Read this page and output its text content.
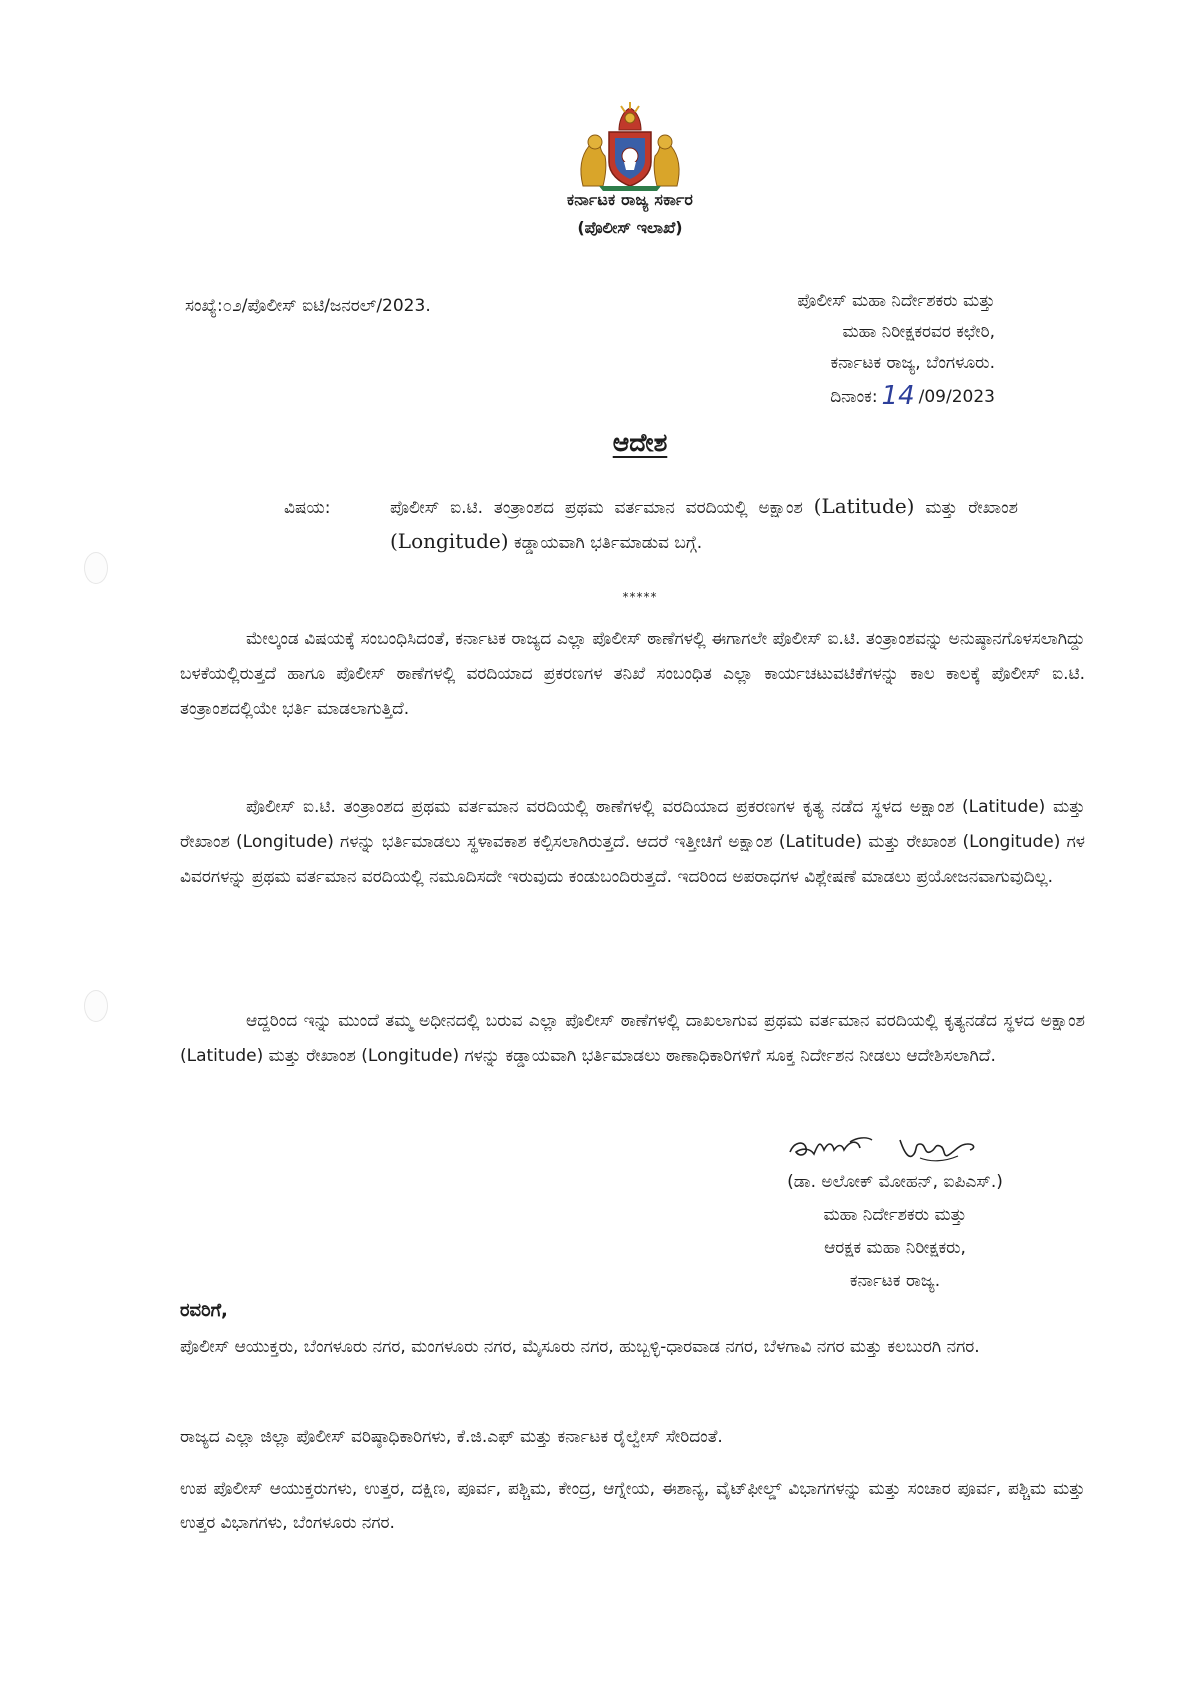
ಕರ್ನಾಟಕ ರಾಜ್ಯ ಸರ್ಕಾರ
(ಪೊಲೀಸ್ ಇಲಾಖೆ)
ಸಂಖ್ಯೆ:೦೨/ಪೊಲೀಸ್ ಐಟಿ/ಜನರಲ್/2023.	ಪೊಲೀಸ್ ಮಹಾ ನಿರ್ದೇಶಕರು ಮತ್ತು
ಮಹಾ ನಿರೀಕ್ಷಕರವರ ಕಛೇರಿ,
ಕರ್ನಾಟಕ ರಾಜ್ಯ, ಬೆಂಗಳೂರು.
ದಿನಾಂಕ: 14 /09/2023
ಆದೇಶ
ವಿಷಯ:	ಪೊಲೀಸ್ ಐ.ಟಿ. ತಂತ್ರಾಂಶದ ಪ್ರಥಮ ವರ್ತಮಾನ ವರದಿಯಲ್ಲಿ ಅಕ್ಷಾಂಶ (Latitude) ಮತ್ತು ರೇಖಾಂಶ (Longitude) ಕಡ್ಡಾಯವಾಗಿ ಭರ್ತಿಮಾಡುವ ಬಗ್ಗೆ.
*****

ಮೇಲ್ಕಂಡ ವಿಷಯಕ್ಕೆ ಸಂಬಂಧಿಸಿದಂತೆ, ಕರ್ನಾಟಕ ರಾಜ್ಯದ ಎಲ್ಲಾ ಪೊಲೀಸ್ ಠಾಣೆಗಳಲ್ಲಿ ಈಗಾಗಲೇ ಪೊಲೀಸ್ ಐ.ಟಿ. ತಂತ್ರಾಂಶವನ್ನು ಅನುಷ್ಠಾನಗೊಳಸಲಾಗಿದ್ದು ಬಳಕೆಯಲ್ಲಿರುತ್ತದೆ ಹಾಗೂ ಪೊಲೀಸ್ ಠಾಣೆಗಳಲ್ಲಿ ವರದಿಯಾದ ಪ್ರಕರಣಗಳ ತನಿಖೆ ಸಂಬಂಧಿತ ಎಲ್ಲಾ ಕಾರ್ಯಚಟುವಟಿಕೆಗಳನ್ನು ಕಾಲ ಕಾಲಕ್ಕೆ ಪೊಲೀಸ್ ಐ.ಟಿ. ತಂತ್ರಾಂಶದಲ್ಲಿಯೇ ಭರ್ತಿ ಮಾಡಲಾಗುತ್ತಿದೆ.

ಪೊಲೀಸ್ ಐ.ಟಿ. ತಂತ್ರಾಂಶದ ಪ್ರಥಮ ವರ್ತಮಾನ ವರದಿಯಲ್ಲಿ ಠಾಣೆಗಳಲ್ಲಿ ವರದಿಯಾದ ಪ್ರಕರಣಗಳ ಕೃತ್ಯ ನಡೆದ ಸ್ಥಳದ ಅಕ್ಷಾಂಶ (Latitude) ಮತ್ತು ರೇಖಾಂಶ (Longitude) ಗಳನ್ನು ಭರ್ತಿಮಾಡಲು ಸ್ಥಳಾವಕಾಶ ಕಲ್ಪಿಸಲಾಗಿರುತ್ತದೆ. ಆದರೆ ಇತ್ತೀಚಿಗೆ ಅಕ್ಷಾಂಶ (Latitude) ಮತ್ತು ರೇಖಾಂಶ (Longitude) ಗಳ ವಿವರಗಳನ್ನು ಪ್ರಥಮ ವರ್ತಮಾನ ವರದಿಯಲ್ಲಿ ನಮೂದಿಸದೇ ಇರುವುದು ಕಂಡುಬಂದಿರುತ್ತದೆ. ಇದರಿಂದ ಅಪರಾಧಗಳ ವಿಶ್ಲೇಷಣೆ ಮಾಡಲು ಪ್ರಯೋಜನವಾಗುವುದಿಲ್ಲ.

ಆದ್ದರಿಂದ ಇನ್ನು ಮುಂದೆ ತಮ್ಮ ಅಧೀನದಲ್ಲಿ ಬರುವ ಎಲ್ಲಾ ಪೊಲೀಸ್ ಠಾಣೆಗಳಲ್ಲಿ ದಾಖಲಾಗುವ ಪ್ರಥಮ ವರ್ತಮಾನ ವರದಿಯಲ್ಲಿ ಕೃತ್ಯನಡೆದ ಸ್ಥಳದ ಅಕ್ಷಾಂಶ (Latitude) ಮತ್ತು ರೇಖಾಂಶ (Longitude) ಗಳನ್ನು ಕಡ್ಡಾಯವಾಗಿ ಭರ್ತಿಮಾಡಲು ಠಾಣಾಧಿಕಾರಿಗಳಿಗೆ ಸೂಕ್ತ ನಿರ್ದೇಶನ ನೀಡಲು ಆದೇಶಿಸಲಾಗಿದೆ.

(ಡಾ. ಅಲೋಕ್ ಮೋಹನ್, ಐಪಿಎಸ್.)
ಮಹಾ ನಿರ್ದೇಶಕರು ಮತ್ತು
ಆರಕ್ಷಕ ಮಹಾ ನಿರೀಕ್ಷಕರು,
ಕರ್ನಾಟಕ ರಾಜ್ಯ.
ರವರಿಗೆ,
ಪೊಲೀಸ್ ಆಯುಕ್ತರು, ಬೆಂಗಳೂರು ನಗರ, ಮಂಗಳೂರು ನಗರ, ಮೈಸೂರು ನಗರ, ಹುಬ್ಬಳ್ಳಿ-ಧಾರವಾಡ ನಗರ, ಬೆಳಗಾವಿ ನಗರ ಮತ್ತು ಕಲಬುರಗಿ ನಗರ.
ರಾಜ್ಯದ ಎಲ್ಲಾ ಜಿಲ್ಲಾ ಪೊಲೀಸ್ ವರಿಷ್ಠಾಧಿಕಾರಿಗಳು, ಕೆ.ಜಿ.ಎಫ್ ಮತ್ತು ಕರ್ನಾಟಕ ರೈಲ್ವೇಸ್ ಸೇರಿದಂತೆ.
ಉಪ ಪೊಲೀಸ್ ಆಯುಕ್ತರುಗಳು, ಉತ್ತರ, ದಕ್ಷಿಣ, ಪೂರ್ವ, ಪಶ್ಚಿಮ, ಕೇಂದ್ರ, ಆಗ್ನೇಯ, ಈಶಾನ್ಯ, ವೈಟ್‌ಫೀಲ್ಡ್ ವಿಭಾಗಗಳನ್ನು ಮತ್ತು ಸಂಚಾರ ಪೂರ್ವ, ಪಶ್ಚಿಮ ಮತ್ತು ಉತ್ತರ ವಿಭಾಗಗಳು, ಬೆಂಗಳೂರು ನಗರ.
